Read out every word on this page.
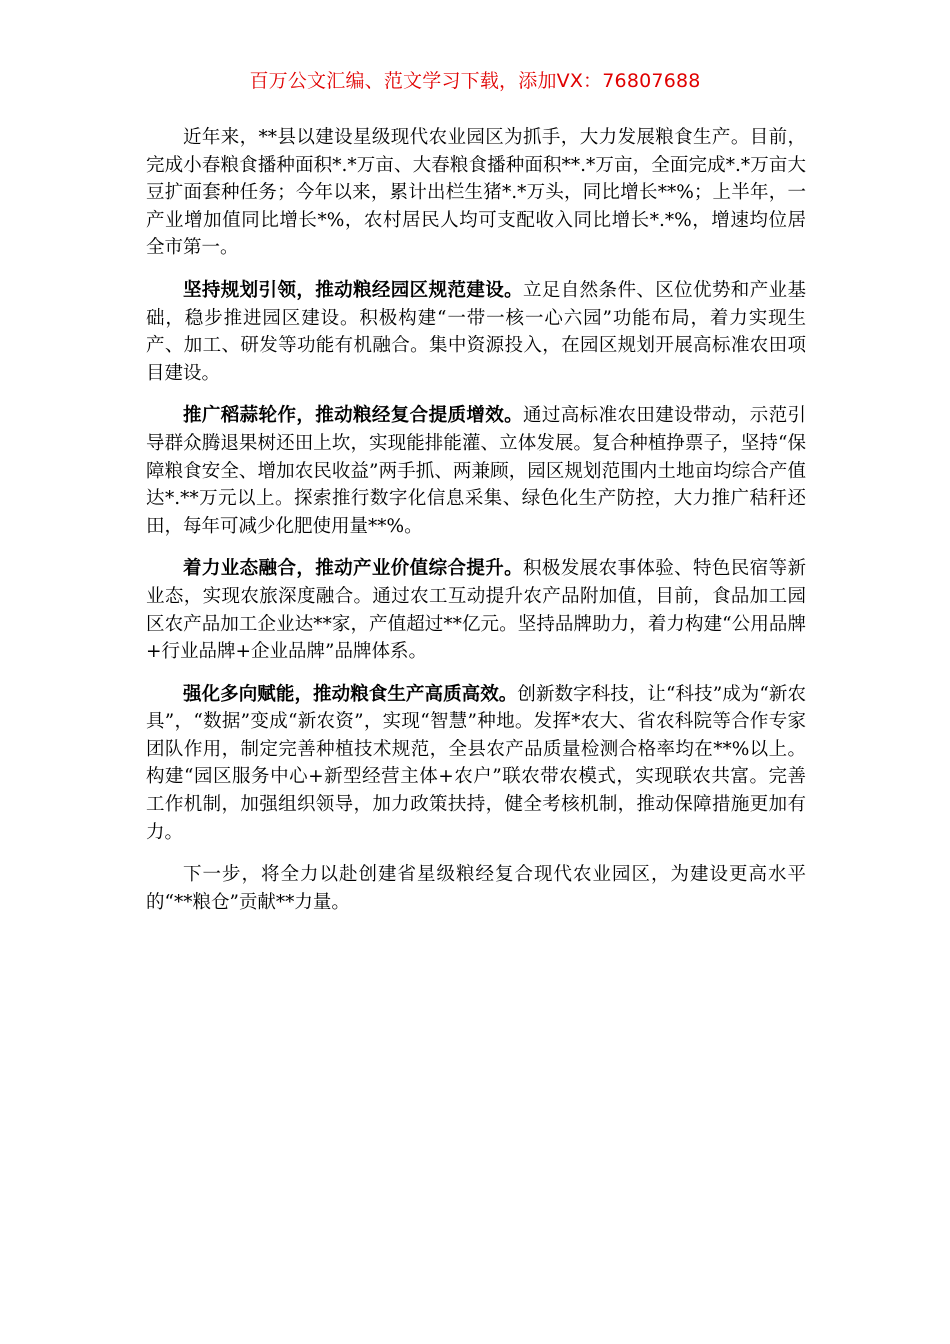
百万公文汇编、范文学习下载，添加VX：76807688

近年来，**县以建设星级现代农业园区为抓手，大力发展粮食生产。目前，完成小春粮食播种面积*.*万亩、大春粮食播种面积**.*万亩，全面完成*.*万亩大豆扩面套种任务；今年以来，累计出栏生猪*.*万头，同比增长**%；上半年，一产业增加值同比增长*%，农村居民人均可支配收入同比增长*.*%，增速均位居全市第一。

坚持规划引领，推动粮经园区规范建设。立足自然条件、区位优势和产业基础，稳步推进园区建设。积极构建“一带一核一心六园”功能布局，着力实现生产、加工、研发等功能有机融合。集中资源投入，在园区规划开展高标准农田项目建设。

推广稻蒜轮作，推动粮经复合提质增效。通过高标准农田建设带动，示范引导群众腾退果树还田上坎，实现能排能灌、立体发展。复合种植挣票子，坚持“保障粮食安全、增加农民收益”两手抓、两兼顾，园区规划范围内土地亩均综合产值达*.**万元以上。探索推行数字化信息采集、绿色化生产防控，大力推广秸秆还田，每年可减少化肥使用量**%。

着力业态融合，推动产业价值综合提升。积极发展农事体验、特色民宿等新业态，实现农旅深度融合。通过农工互动提升农产品附加值，目前，食品加工园区农产品加工企业达**家，产值超过**亿元。坚持品牌助力，着力构建“公用品牌+行业品牌+企业品牌”品牌体系。

强化多向赋能，推动粮食生产高质高效。创新数字科技，让“科技”成为“新农具”，“数据”变成“新农资”，实现“智慧”种地。发挥*农大、省农科院等合作专家团队作用，制定完善种植技术规范，全县农产品质量检测合格率均在**%以上。构建“园区服务中心+新型经营主体+农户”联农带农模式，实现联农共富。完善工作机制，加强组织领导，加力政策扶持，健全考核机制，推动保障措施更加有力。

下一步，将全力以赴创建省星级粮经复合现代农业园区，为建设更高水平的“**粮仓”贡献**力量。
